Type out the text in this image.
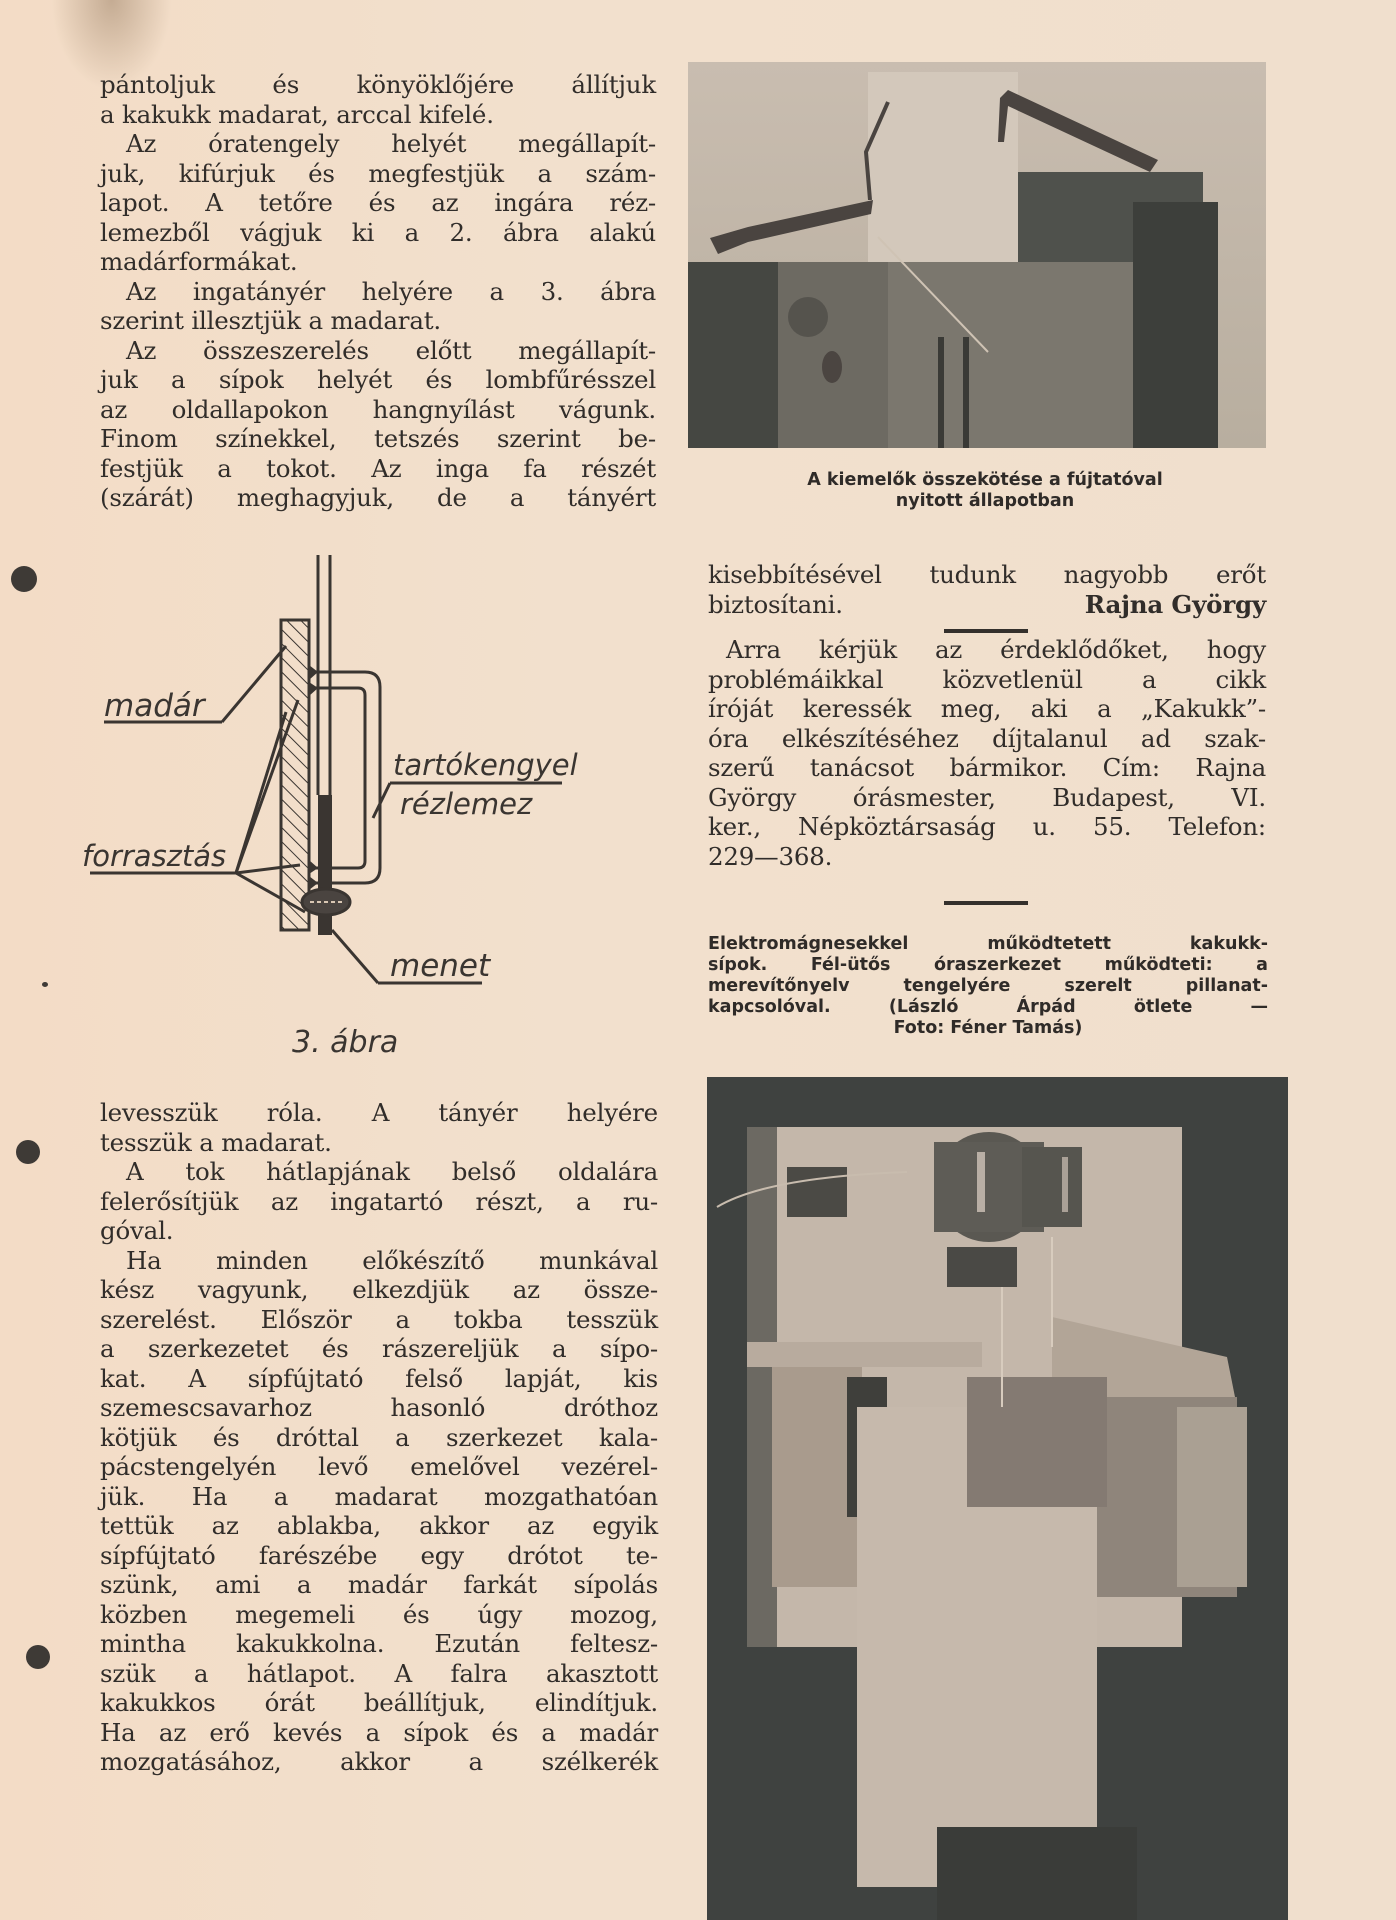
pántoljuk és könyöklőjére állítjuk
a kakukk madarat, arccal kifelé.
Az óratengely helyét megállapít-
juk, kifúrjuk és megfestjük a szám-
lapot. A tetőre és az ingára réz-
lemezből vágjuk ki a 2. ábra alakú
madárformákat.
Az ingatányér helyére a 3. ábra
szerint illesztjük a madarat.
Az összeszerelés előtt megállapít-
juk a sípok helyét és lombfűrésszel
az oldallapokon hangnyílást vágunk.
Finom színekkel, tetszés szerint be-
festjük a tokot. Az inga fa részét
(szárát) meghagyjuk, de a tányért
madár
tartókengyel
rézlemez
forrasztás
menet
3. ábra
levesszük róla. A tányér helyére
tesszük a madarat.
A tok hátlapjának belső oldalára
felerősítjük az ingatartó részt, a ru-
góval.
Ha minden előkészítő munkával
kész vagyunk, elkezdjük az össze-
szerelést. Először a tokba tesszük
a szerkezetet és rászereljük a sípo-
kat. A sípfújtató felső lapját, kis
szemescsavarhoz hasonló dróthoz
kötjük és dróttal a szerkezet kala-
pácstengelyén levő emelővel vezérel-
jük. Ha a madarat mozgathatóan
tettük az ablakba, akkor az egyik
sípfújtató farészébe egy drótot te-
szünk, ami a madár farkát sípolás
közben megemeli és úgy mozog,
mintha kakukkolna. Ezután feltesz-
szük a hátlapot. A falra akasztott
kakukkos órát beállítjuk, elindítjuk.
Ha az erő kevés a sípok és a madár
mozgatásához, akkor a szélkerék
A kiemelők összekötése a fújtatóval
nyitott állapotban
kisebbítésével tudunk nagyobb erőt
biztosítani.	Rajna György
Arra kérjük az érdeklődőket, hogy
problémáikkal közvetlenül a cikk
íróját keressék meg, aki a „Kakukk”-
óra elkészítéséhez díjtalanul ad szak-
szerű tanácsot bármikor. Cím: Rajna
György órásmester, Budapest, VI.
ker., Népköztársaság u. 55. Telefon:
229—368.
Elektromágnesekkel működtetett kakukk-
sípok. Fél-ütős óraszerkezet működteti: a
merevítőnyelv tengelyére szerelt pillanat-
kapcsolóval. (László Árpád ötlete —
Foto: Féner Tamás)
